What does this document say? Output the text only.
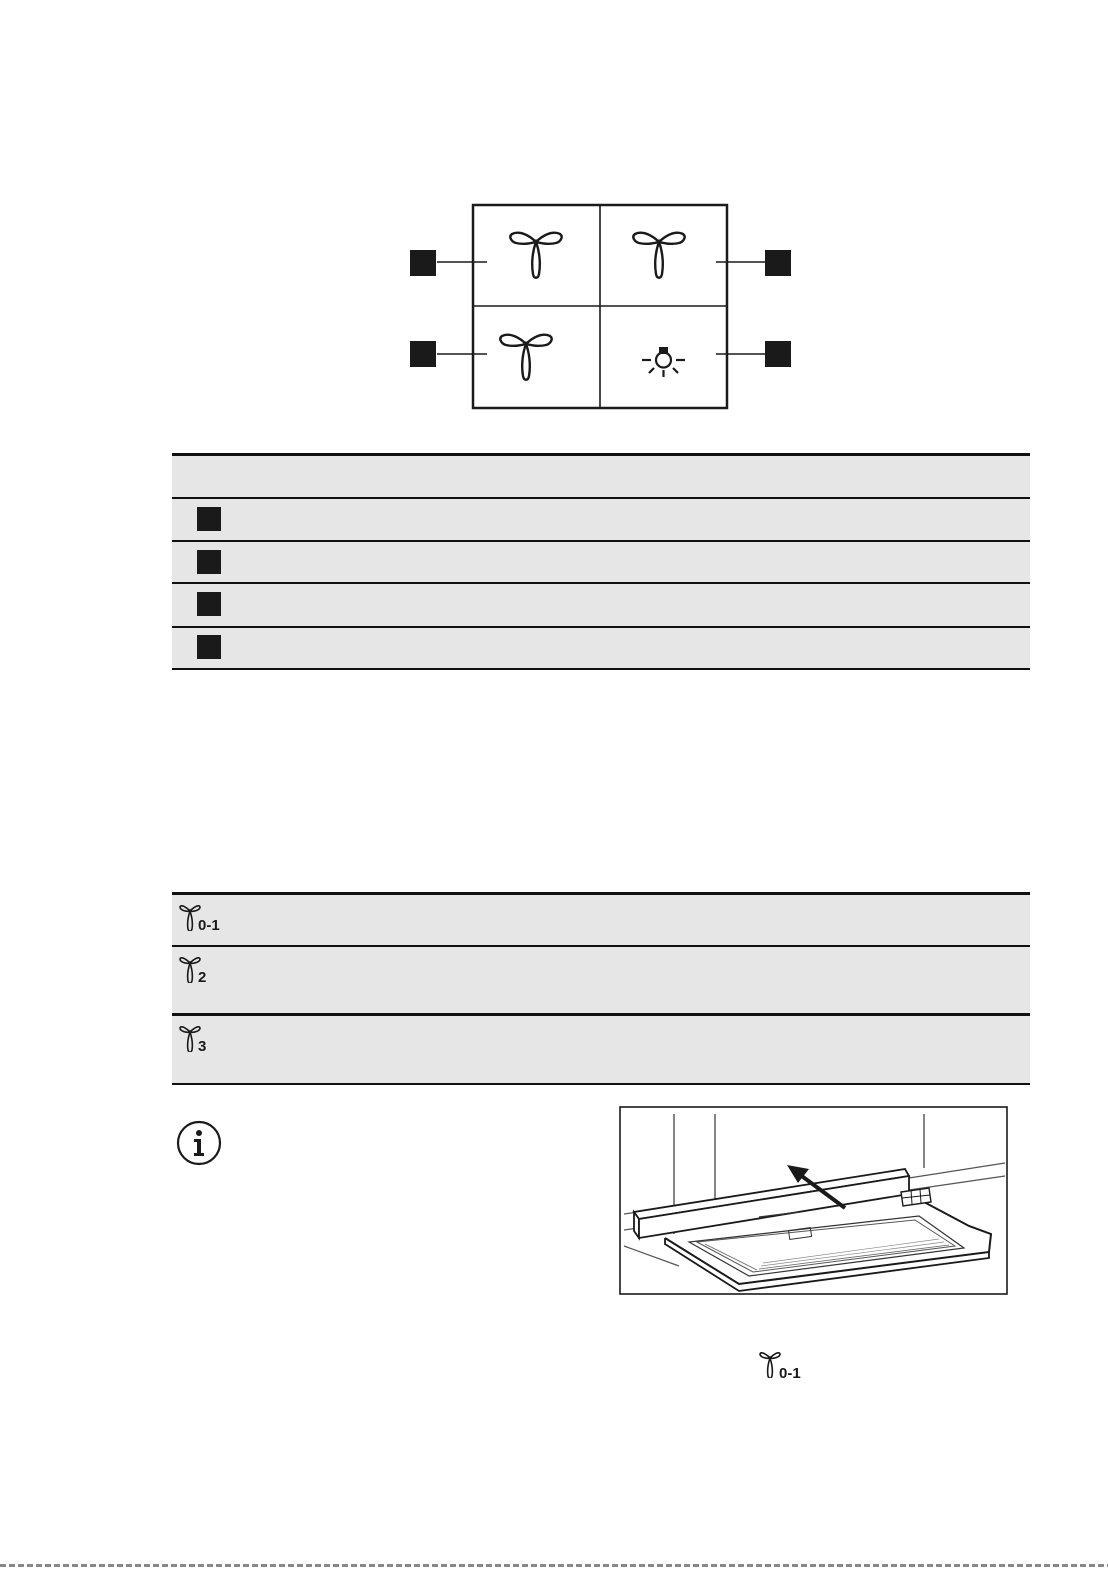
0-1
2
3
0-1
